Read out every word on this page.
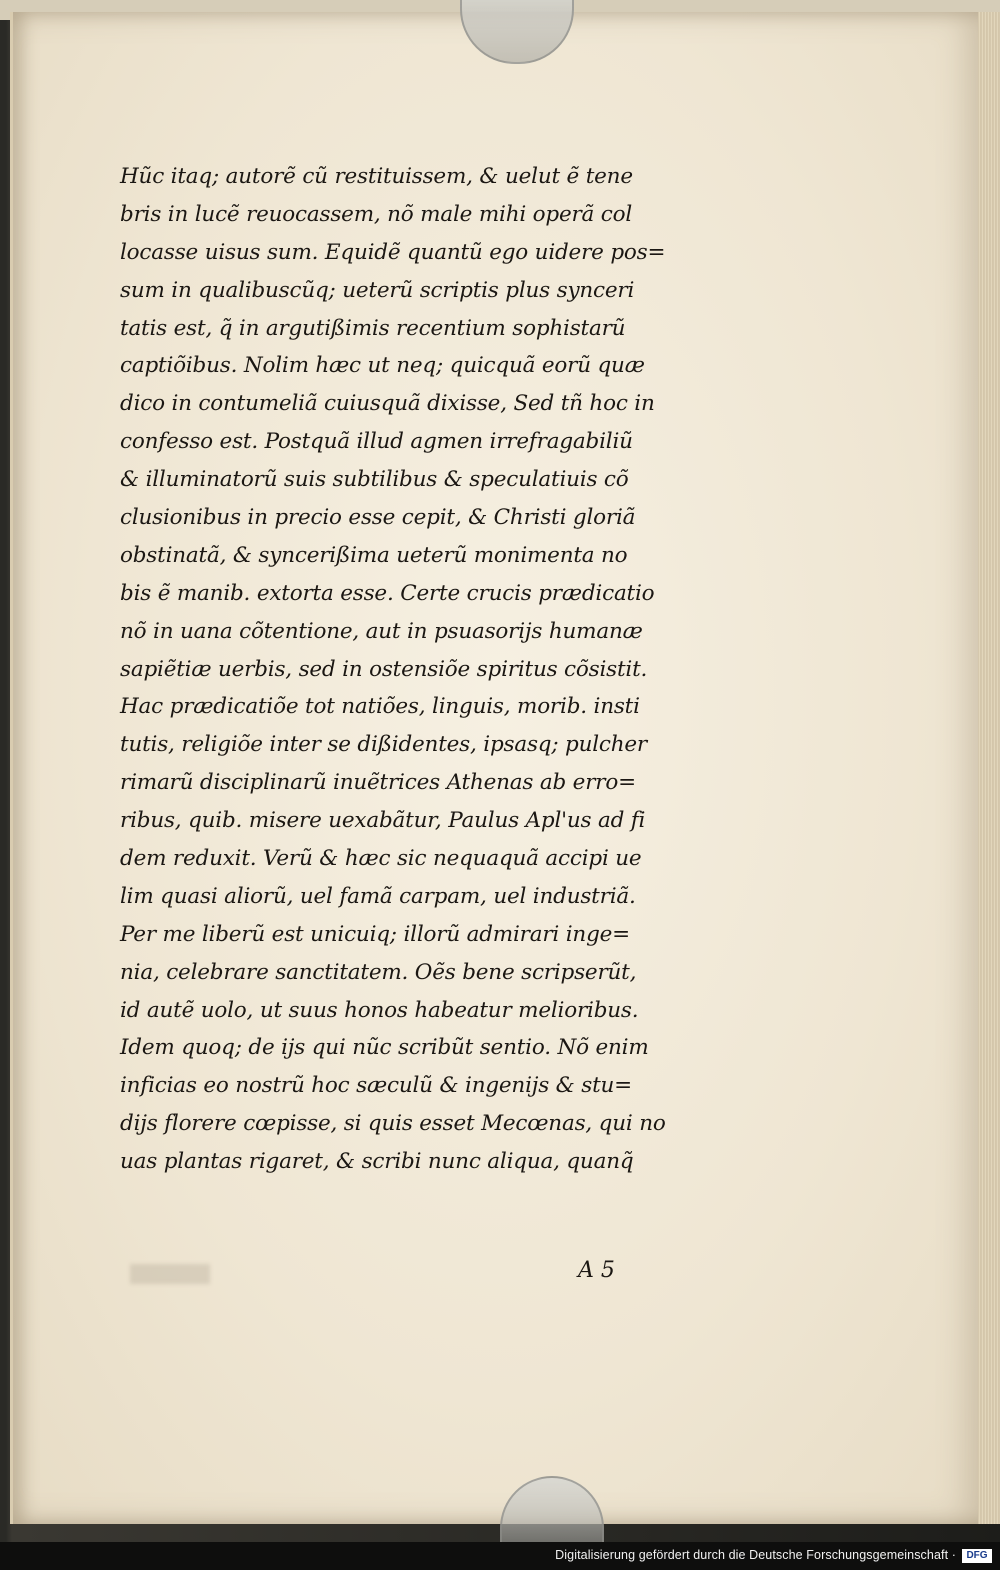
Hũc itaq; autorẽ cũ restituissem, & uelut ẽ tene
bris in lucẽ reuocassem, nõ male mihi operã col
locasse uisus sum. Equidẽ quantũ ego uidere pos=
sum in qualibuscũq; ueterũ scriptis plus synceri
tatis est, q̃ in argutißimis recentium sophistarũ
captiõibus. Nolim hæc ut neq; quicquã eorũ quæ
dico in contumeliã cuiusquã dixisse, Sed tñ hoc in
confesso est. Postquã illud agmen irrefragabiliũ
& illuminatorũ suis subtilibus & speculatiuis cõ
clusionibus in precio esse cepit, & Christi gloriã
obstinatã, & syncerißima ueterũ monimenta no
bis ẽ manib. extorta esse. Certe crucis prædicatio
nõ in uana cõtentione, aut in psuasorijs humanæ
sapiẽtiæ uerbis, sed in ostensiõe spiritus cõsistit.
Hac prædicatiõe tot natiões, linguis, morib. insti
tutis, religiõe inter se dißidentes, ipsasq; pulcher
rimarũ disciplinarũ inuẽtrices Athenas ab erro=
ribus, quib. misere uexabãtur, Paulus Apl'us ad fi
dem reduxit. Verũ & hæc sic nequaquã accipi ue
lim quasi aliorũ, uel famã carpam, uel industriã.
Per me liberũ est unicuiq; illorũ admirari inge=
nia, celebrare sanctitatem. Oẽs bene scripserũt,
id autẽ uolo, ut suus honos habeatur melioribus.
Idem quoq; de ijs qui nũc scribũt sentio. Nõ enim
inficias eo nostrũ hoc sæculũ & ingenijs & stu=
dijs florere cœpisse, si quis esset Mecœnas, qui no
uas plantas rigaret, & scribi nunc aliqua, quanq̃
A 5
Digitalisierung gefördert durch die Deutsche Forschungsgemeinschaft ·	DFG
